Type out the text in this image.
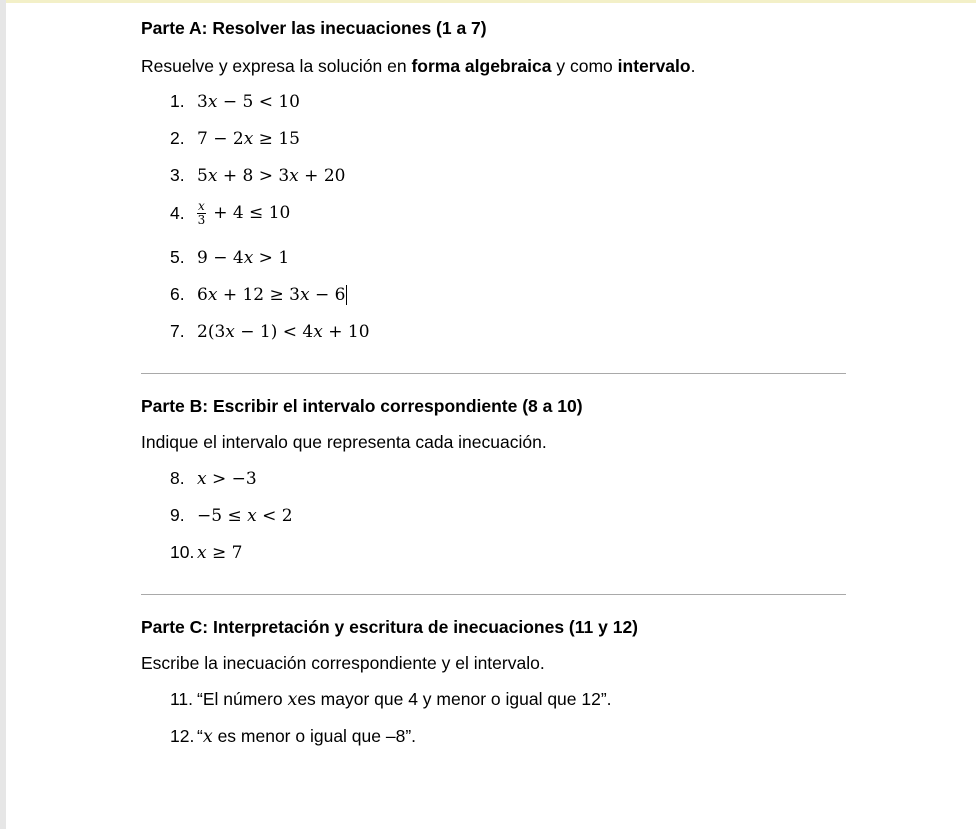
Parte A: Resolver las inecuaciones (1 a 7)
Resuelve y expresa la solución en forma algebraica y como intervalo.
1. 3x − 5 < 10
2. 7 − 2x ≥ 15
3. 5x + 8 > 3x + 20
4.	$\frac{x}{3} + 4 \le 10$
5. 9 − 4x > 1
6. 6x + 12 ≥ 3x − 6
7. 2(3x − 1) < 4x + 10
Parte B: Escribir el intervalo correspondiente (8 a 10)
Indique el intervalo que representa cada inecuación.
8. x > −3
9. −5 ≤ x < 2
10. x ≥ 7
Parte C: Interpretación y escritura de inecuaciones (11 y 12)
Escribe la inecuación correspondiente y el intervalo.
11. “El número xes mayor que 4 y menor o igual que 12”.
12. “x es menor o igual que –8”.
